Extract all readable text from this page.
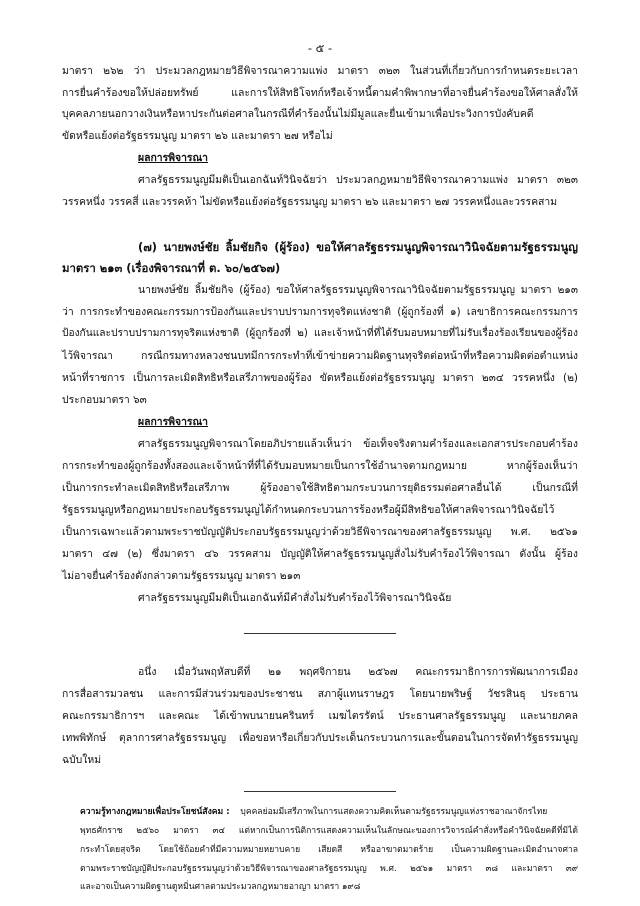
- ๕ -
มาตรา ๒๖๒ ว่า ประมวลกฎหมายวิธีพิจารณาความแพ่ง มาตรา ๓๒๓ ในส่วนที่เกี่ยวกับการกำหนดระยะเวลา
การยื่นคำร้องขอให้ปล่อยทรัพย์ และการให้สิทธิโจทก์หรือเจ้าหนี้ตามคำพิพากษาที่อาจยื่นคำร้องขอให้ศาลสั่งให้
บุคคลภายนอกวางเงินหรือหาประกันต่อศาลในกรณีที่คำร้องนั้นไม่มีมูลและยื่นเข้ามาเพื่อประวิงการบังคับคดี
ขัดหรือแย้งต่อรัฐธรรมนูญ มาตรา ๒๖ และมาตรา ๒๗ หรือไม่
ผลการพิจารณา
ศาลรัฐธรรมนูญมีมติเป็นเอกฉันท์วินิจฉัยว่า ประมวลกฎหมายวิธีพิจารณาความแพ่ง มาตรา ๓๒๓
วรรคหนึ่ง วรรคสี่ และวรรคห้า ไม่ขัดหรือแย้งต่อรัฐธรรมนูญ มาตรา ๒๖ และมาตรา ๒๗ วรรคหนึ่งและวรรคสาม
(๗) นายพงษ์ชัย ลิ้มชัยกิจ (ผู้ร้อง) ขอให้ศาลรัฐธรรมนูญพิจารณาวินิจฉัยตามรัฐธรรมนูญ
มาตรา ๒๑๓ (เรื่องพิจารณาที่ ต. ๖๐/๒๕๖๗)
นายพงษ์ชัย ลิ้มชัยกิจ (ผู้ร้อง) ขอให้ศาลรัฐธรรมนูญพิจารณาวินิจฉัยตามรัฐธรรมนูญ มาตรา ๒๑๓
ว่า การกระทำของคณะกรรมการป้องกันและปราบปรามการทุจริตแห่งชาติ (ผู้ถูกร้องที่ ๑) เลขาธิการคณะกรรมการ
ป้องกันและปราบปรามการทุจริตแห่งชาติ (ผู้ถูกร้องที่ ๒) และเจ้าหน้าที่ที่ได้รับมอบหมายที่ไม่รับเรื่องร้องเรียนของผู้ร้อง
ไว้พิจารณา กรณีกรมทางหลวงชนบทมีการกระทำที่เข้าข่ายความผิดฐานทุจริตต่อหน้าที่หรือความผิดต่อตำแหน่ง
หน้าที่ราชการ เป็นการละเมิดสิทธิหรือเสรีภาพของผู้ร้อง ขัดหรือแย้งต่อรัฐธรรมนูญ มาตรา ๒๓๔ วรรคหนึ่ง (๒)
ประกอบมาตรา ๖๓
ผลการพิจารณา
ศาลรัฐธรรมนูญพิจารณาโดยอภิปรายแล้วเห็นว่า ข้อเท็จจริงตามคำร้องและเอกสารประกอบคำร้อง
การกระทำของผู้ถูกร้องทั้งสองและเจ้าหน้าที่ที่ได้รับมอบหมายเป็นการใช้อำนาจตามกฎหมาย หากผู้ร้องเห็นว่า
เป็นการกระทำละเมิดสิทธิหรือเสรีภาพ ผู้ร้องอาจใช้สิทธิตามกระบวนการยุติธรรมต่อศาลอื่นได้ เป็นกรณีที่
รัฐธรรมนูญหรือกฎหมายประกอบรัฐธรรมนูญได้กำหนดกระบวนการร้องหรือผู้มีสิทธิขอให้ศาลพิจารณาวินิจฉัยไว้
เป็นการเฉพาะแล้วตามพระราชบัญญัติประกอบรัฐธรรมนูญว่าด้วยวิธีพิจารณาของศาลรัฐธรรมนูญ พ.ศ. ๒๕๖๑
มาตรา ๔๗ (๒) ซึ่งมาตรา ๔๖ วรรคสาม บัญญัติให้ศาลรัฐธรรมนูญสั่งไม่รับคำร้องไว้พิจารณา ดังนั้น ผู้ร้อง
ไม่อาจยื่นคำร้องดังกล่าวตามรัฐธรรมนูญ มาตรา ๒๑๓
ศาลรัฐธรรมนูญมีมติเป็นเอกฉันท์มีคำสั่งไม่รับคำร้องไว้พิจารณาวินิจฉัย
อนึ่ง เมื่อวันพฤหัสบดีที่ ๒๑ พฤศจิกายน ๒๕๖๗ คณะกรรมาธิการการพัฒนาการเมือง
การสื่อสารมวลชน และการมีส่วนร่วมของประชาชน สภาผู้แทนราษฎร โดยนายพริษฐ์ วัชรสินธุ ประธาน
คณะกรรมาธิการฯ และคณะ ได้เข้าพบนายนครินทร์ เมฆไตรรัตน์ ประธานศาลรัฐธรรมนูญ และนายภคล
เทพพิทักษ์ ตุลาการศาลรัฐธรรมนูญ เพื่อขอหารือเกี่ยวกับประเด็นกระบวนการและขั้นตอนในการจัดทำรัฐธรรมนูญ
ฉบับใหม่
ความรู้ทางกฎหมายเพื่อประโยชน์สังคม : บุคคลย่อมมีเสรีภาพในการแสดงความคิดเห็นตามรัฐธรรมนูญแห่งราชอาณาจักรไทย
พุทธศักราช ๒๕๖๐ มาตรา ๓๔ แต่หากเป็นการนิติการแสดงความเห็นในลักษณะของการวิจารณ์คำสั่งหรือคำวินิจฉัยคดีที่มิได้
กระทำโดยสุจริต โดยใช้ถ้อยคำที่มีความหมายหยาบคาย เสียดสี หรืออาฆาตมาดร้าย เป็นความผิดฐานละเมิดอำนาจศาล
ตามพระราชบัญญัติประกอบรัฐธรรมนูญว่าด้วยวิธีพิจารณาของศาลรัฐธรรมนูญ พ.ศ. ๒๕๖๑ มาตรา ๓๘ และมาตรา ๓๙
และอาจเป็นความผิดฐานดูหมิ่นศาลตามประมวลกฎหมายอาญา มาตรา ๑๙๘
